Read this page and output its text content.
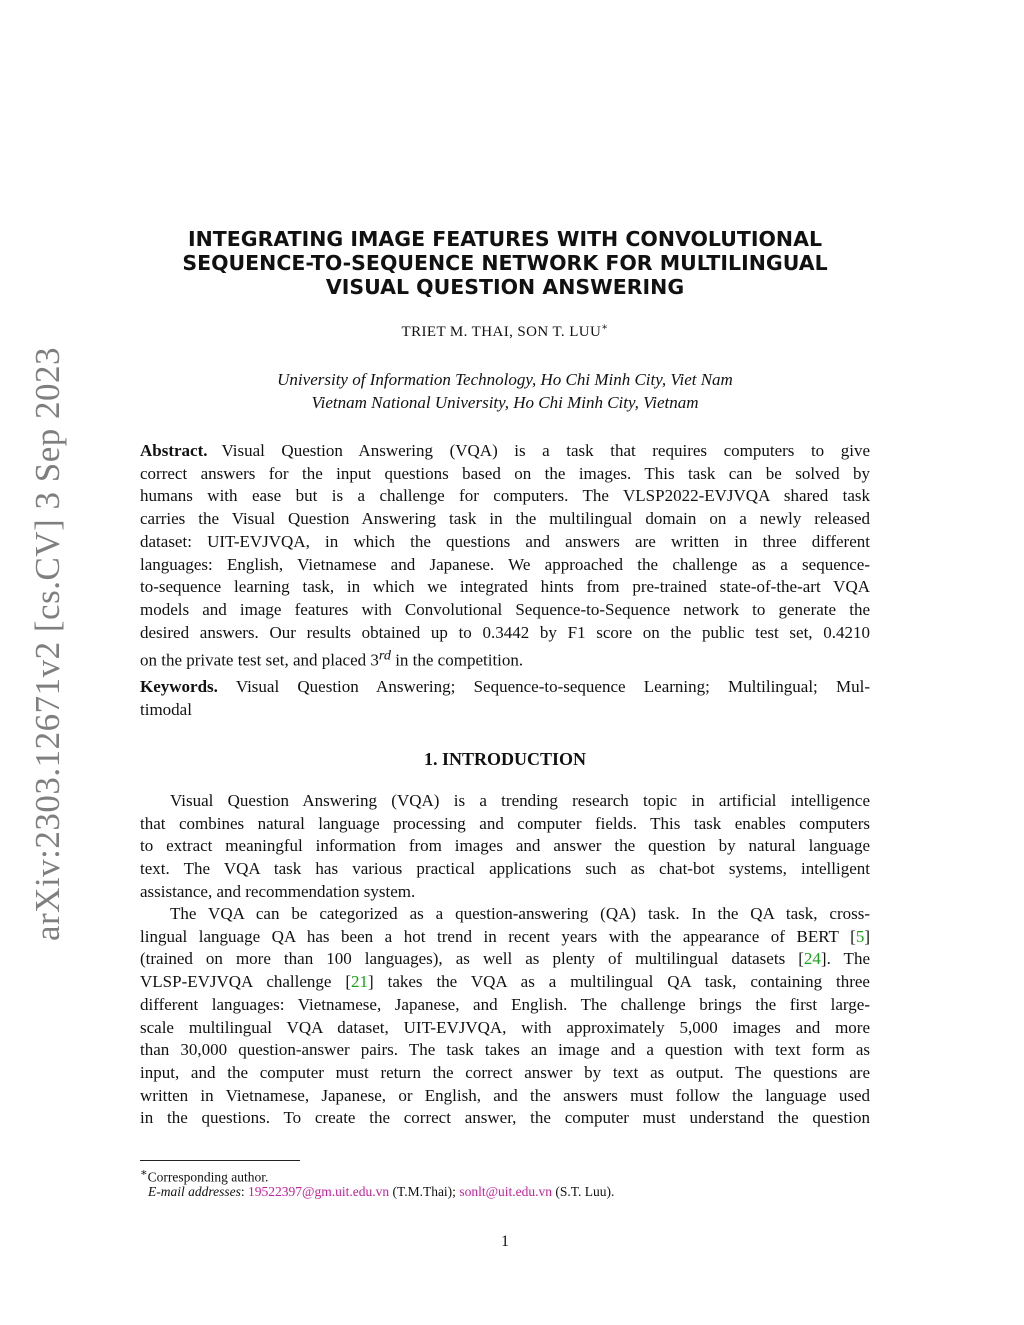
arXiv:2303.12671v2 [cs.CV] 3 Sep 2023
INTEGRATING IMAGE FEATURES WITH CONVOLUTIONAL
SEQUENCE-TO-SEQUENCE NETWORK FOR MULTILINGUAL
VISUAL QUESTION ANSWERING
TRIET M. THAI, SON T. LUU∗
University of Information Technology, Ho Chi Minh City, Viet Nam
Vietnam National University, Ho Chi Minh City, Vietnam
Abstract. Visual Question Answering (VQA) is a task that requires computers to give
correct answers for the input questions based on the images. This task can be solved by
humans with ease but is a challenge for computers. The VLSP2022-EVJVQA shared task
carries the Visual Question Answering task in the multilingual domain on a newly released
dataset: UIT-EVJVQA, in which the questions and answers are written in three different
languages: English, Vietnamese and Japanese. We approached the challenge as a sequence-
to-sequence learning task, in which we integrated hints from pre-trained state-of-the-art VQA
models and image features with Convolutional Sequence-to-Sequence network to generate the
desired answers. Our results obtained up to 0.3442 by F1 score on the public test set, 0.4210
on the private test set, and placed 3rd in the competition.
Keywords. Visual Question Answering; Sequence-to-sequence Learning; Multilingual; Mul-
timodal
1. INTRODUCTION
Visual Question Answering (VQA) is a trending research topic in artificial intelligence
that combines natural language processing and computer fields. This task enables computers
to extract meaningful information from images and answer the question by natural language
text. The VQA task has various practical applications such as chat-bot systems, intelligent
assistance, and recommendation system.
The VQA can be categorized as a question-answering (QA) task. In the QA task, cross-
lingual language QA has been a hot trend in recent years with the appearance of BERT [5]
(trained on more than 100 languages), as well as plenty of multilingual datasets [24]. The
VLSP-EVJVQA challenge [21] takes the VQA as a multilingual QA task, containing three
different languages: Vietnamese, Japanese, and English. The challenge brings the first large-
scale multilingual VQA dataset, UIT-EVJVQA, with approximately 5,000 images and more
than 30,000 question-answer pairs. The task takes an image and a question with text form as
input, and the computer must return the correct answer by text as output. The questions are
written in Vietnamese, Japanese, or English, and the answers must follow the language used
in the questions. To create the correct answer, the computer must understand the question
∗Corresponding author.
E-mail addresses: 19522397@gm.uit.edu.vn (T.M.Thai); sonlt@uit.edu.vn (S.T. Luu).
1
